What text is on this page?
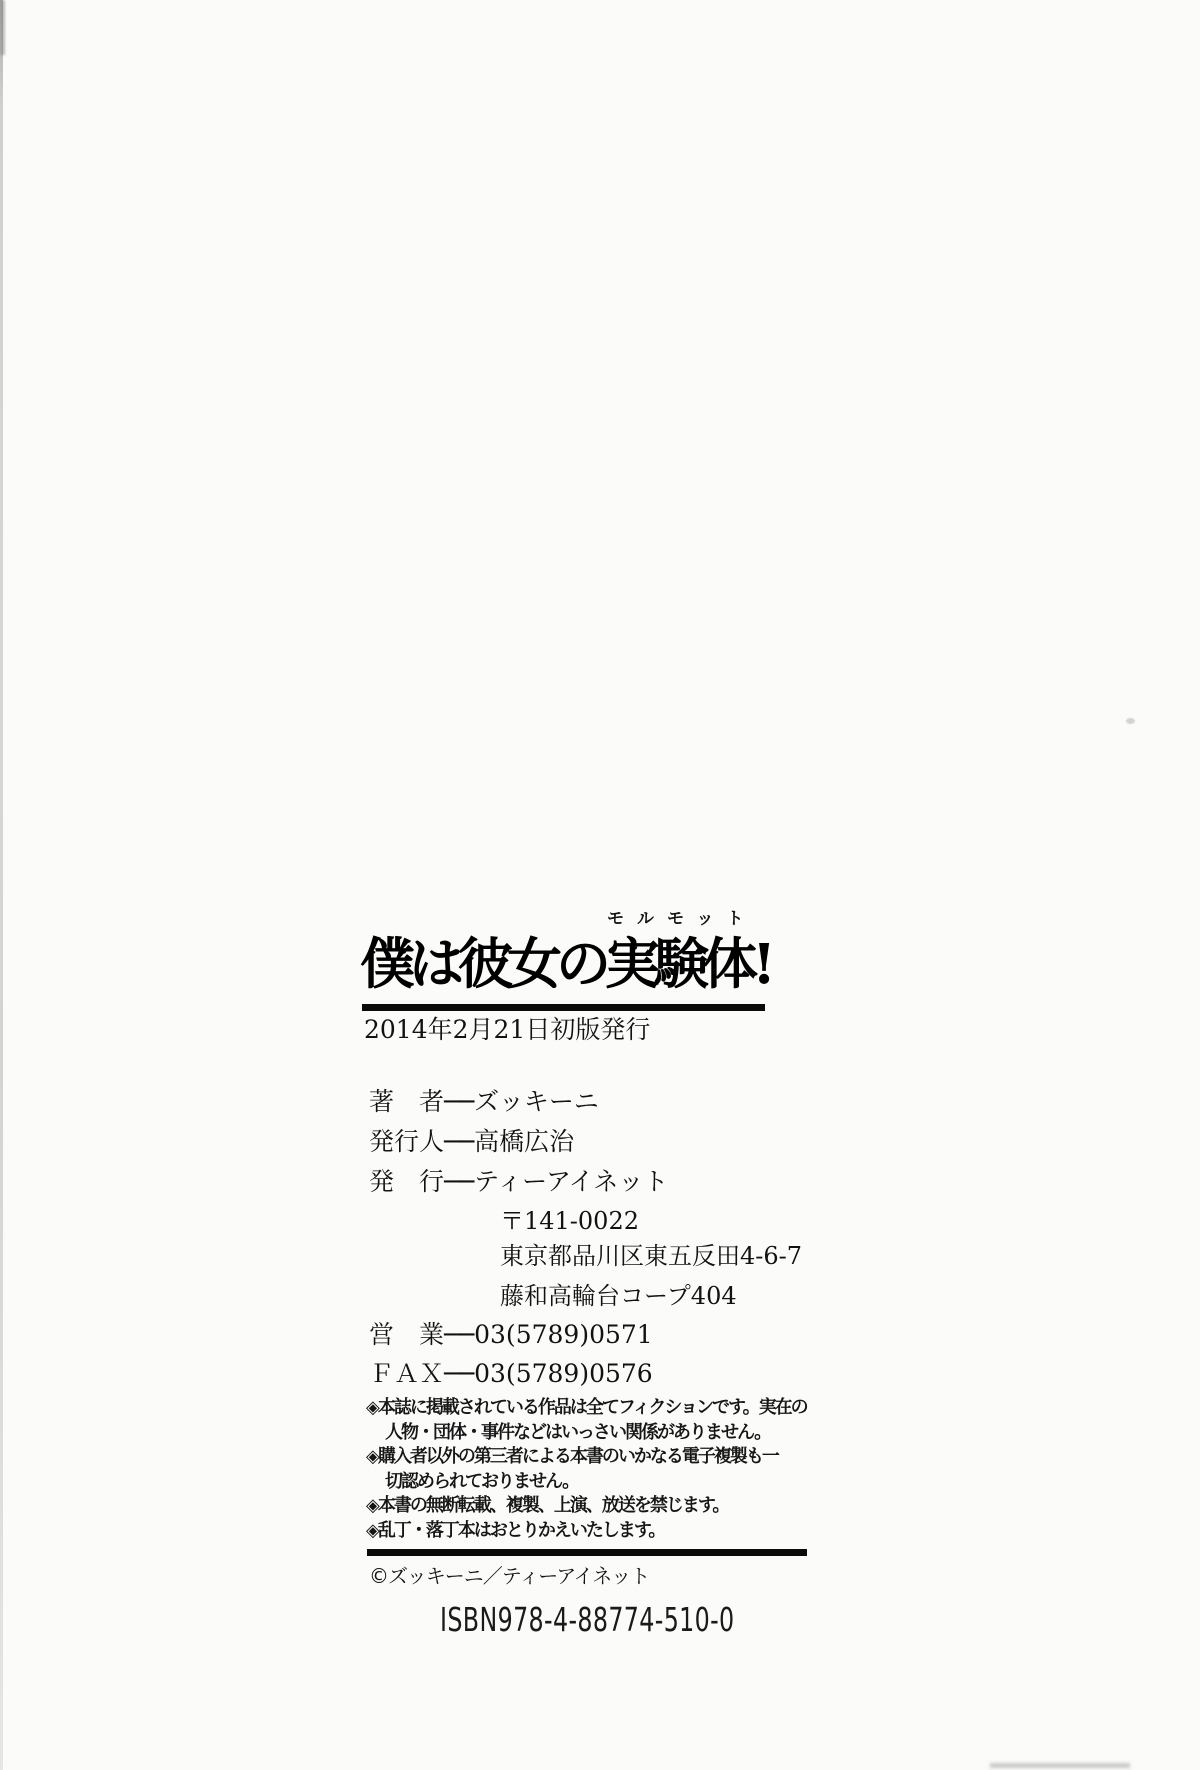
モルモット
僕は彼女の実験体!
2014年2月21日初版発行
著　者──ズッキーニ
発行人──高橋広治
発　行──ティーアイネット
〒141-0022
東京都品川区東五反田4-6-7
藤和高輪台コープ404
営　業──03(5789)0571
ＦＡＸ──03(5789)0576
◈本誌に掲載されている作品は全てフィクションです。実在の
人物・団体・事件などはいっさい関係がありません。
◈購入者以外の第三者による本書のいかなる電子複製も一
切認められておりません。
◈本書の無断転載、複製、上演、放送を禁じます。
◈乱丁・落丁本はおとりかえいたします。
©ズッキーニ／ティーアイネット
ISBN978-4-88774-510-0
